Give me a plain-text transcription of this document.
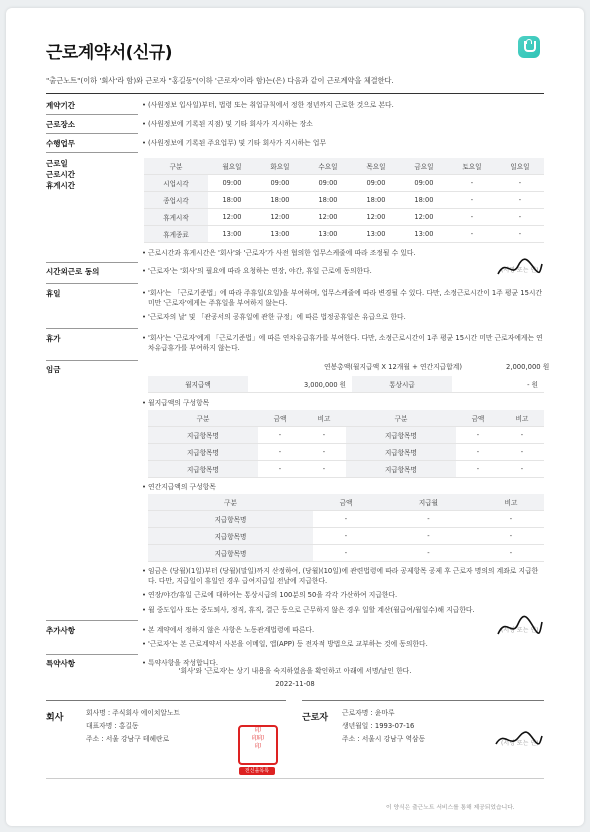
근로계약서(신규)
"출근노트"(이하 '회사'라 함)와 근로자 "홍길동"(이하 '근로자'이라 함)는(은) 다음과 같이 근로계약을 체결한다.
계약기간	• (사원정보 입사일)부터, 법령 또는 취업규칙에서 정한 정년까지 근로한 것으로 본다.
근로장소	• (사원정보에 기록된 지점) 및 기타 회사가 지시하는 장소
수행업무	• (사원정보에 기록된 주요업무) 및 기타 회사가 지시하는 업무
근로일
근로시간
휴게시간
구분	월요일	화요일	수요일	목요일	금요일	토요일	일요일
시업시각	09:00	09:00	09:00	09:00	09:00	-	-
종업시각	18:00	18:00	18:00	18:00	18:00	-	-
휴게시작	12:00	12:00	12:00	12:00	12:00	-	-
휴게종료	13:00	13:00	13:00	13:00	13:00	-	-
• 근로시간과 휴게시간은 '회사'와 '근로자'가 사전 협의한 업무스케줄에 따라 조정될 수 있다.
시간외근로 동의	• '근로자'는 '회사'의 필요에 따라 요청하는 연장, 야간, 휴일 근로에 동의한다.	(서명 또는 인)
휴일	• '회사'는 「근로기준법」에 따라 주휴일(요일)을 부여하며, 업무스케줄에 따라 변경될 수 있다. 다만, 소정근로시간이 1주 평균 15시간 미만 '근로자'에게는 주휴일을 부여하지 않는다.
• '근로자의 날' 및 「관공서의 공휴일에 관한 규정」에 따른 법정공휴일은 유급으로 한다.
휴가	• '회사'는 '근로자'에게 「근로기준법」에 따른 연차유급휴가를 부여한다. 다만, 소정근로시간이 1주 평균 15시간 미만 근로자에게는 연차유급휴가를 부여하지 않는다.
임금	연봉총액(월지급액 X 12개월 + 연간지급합계)	2,000,000 원
월지급액	3,000,000 원	통상시급	- 원
• 월지급액의 구성항목
구분	금액	비고	구분	금액	비고
지급항목명	-	-	지급항목명	-	-
지급항목명	-	-	지급항목명	-	-
지급항목명	-	-	지급항목명	-	-
• 연간지급액의 구성항목
구분	금액	지급월	비고
지급항목명	-	-	-
지급항목명	-	-	-
지급항목명	-	-	-
• 임금은 (당월)(1일)부터 (당월)(말일)까지 산정하여, (당월)(10일)에 관련법령에 따라 공제항목 공제 후 근로자 명의의 계좌로 지급한다. 다만, 지급일이 휴일인 경우 급여지급일 전날에 지급한다.
• 연장/야간/휴일 근로에 대하여는 통상시급의 100분의 50을 각각 가산하여 지급한다.
• 월 중도입사 또는 중도퇴사, 정직, 휴직, 결근 등으로 근무하지 않은 경우 일할 계산(월급여/월일수)해 지급한다.
추가사항	• 본 계약에서 정하지 않은 사항은 노동관계법령에 따른다.
• '근로자'는 본 근로계약서 사본을 이메일, 앱(APP) 등 전자적 방법으로 교부하는 것에 동의한다.
(서명 또는 인)
특약사항	• 특약사항을 작성합니다.
'회사'와 '근로자'는 상기 내용을 숙지하였음을 확인하고 아래에 서명/날인 한다.
2022-11-08
회사	회사명 : 주식회사 에이치알노트
대표자명 : 홍길동
주소 : 서울 강남구 테헤란로
印
印印
印
전신을목록
근로자 근로자명 : 윤마루
생년월일 : 1993-07-16
주소 : 서울시 강남구 역삼동
(서명 또는 인)
이 양식은 출근노트 서비스를 통해 제공되었습니다.
